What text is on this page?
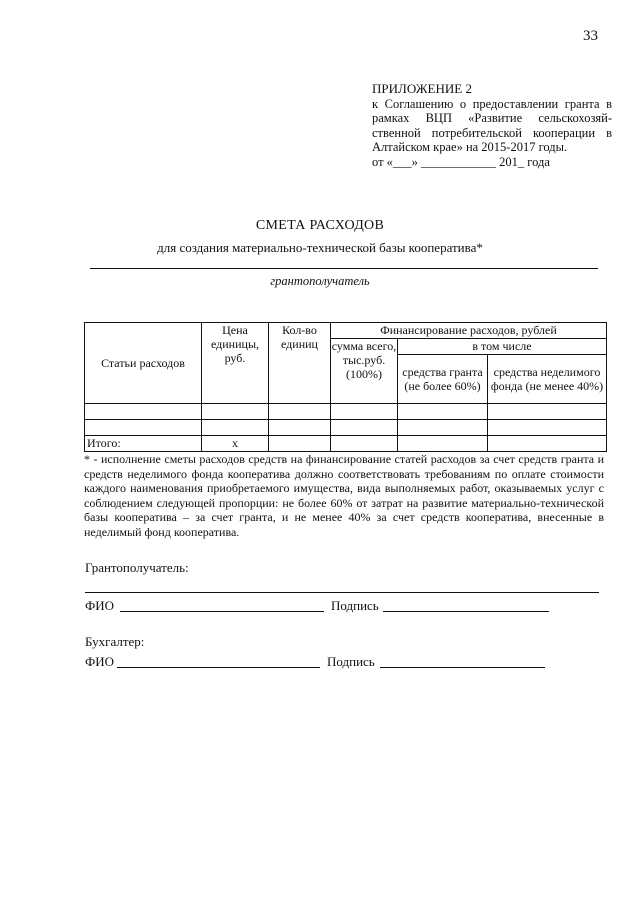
33
ПРИЛОЖЕНИЕ 2
к Соглашению о предоставлении гранта в
рамках ВЦП «Развитие сельскохозяй-
ственной потребительской кооперации в
Алтайском крае» на 2015-2017 годы.
от «___» ____________ 201_ года
СМЕТА РАСХОДОВ
для создания материально-технической базы кооператива*
грантополучатель
Статьи расходов	Цена единицы, руб.	Кол-во единиц	Финансирование расходов, рублей		
			сумма всего, тыс.руб. (100%)	в том числе	
				средства гранта (не более 60%)	средства неделимого фонда (не менее 40%)

Итого:	х				
* - исполнение сметы расходов средств на финансирование статей расходов за счет средств гранта и средств неделимого фонда кооператива должно соответствовать требованиям по оплате стоимости каждого наименования приобретаемого имущества, вида выполняемых работ, оказываемых услуг с соблюдением следующей пропорции: не более 60% от затрат на развитие материально-технической базы кооператива – за счет гранта, и не менее 40% за счет средств кооператива, внесенные в неделимый фонд кооператива.
Грантополучатель:
ФИО	Подпись
Бухгалтер:
ФИО	Подпись
